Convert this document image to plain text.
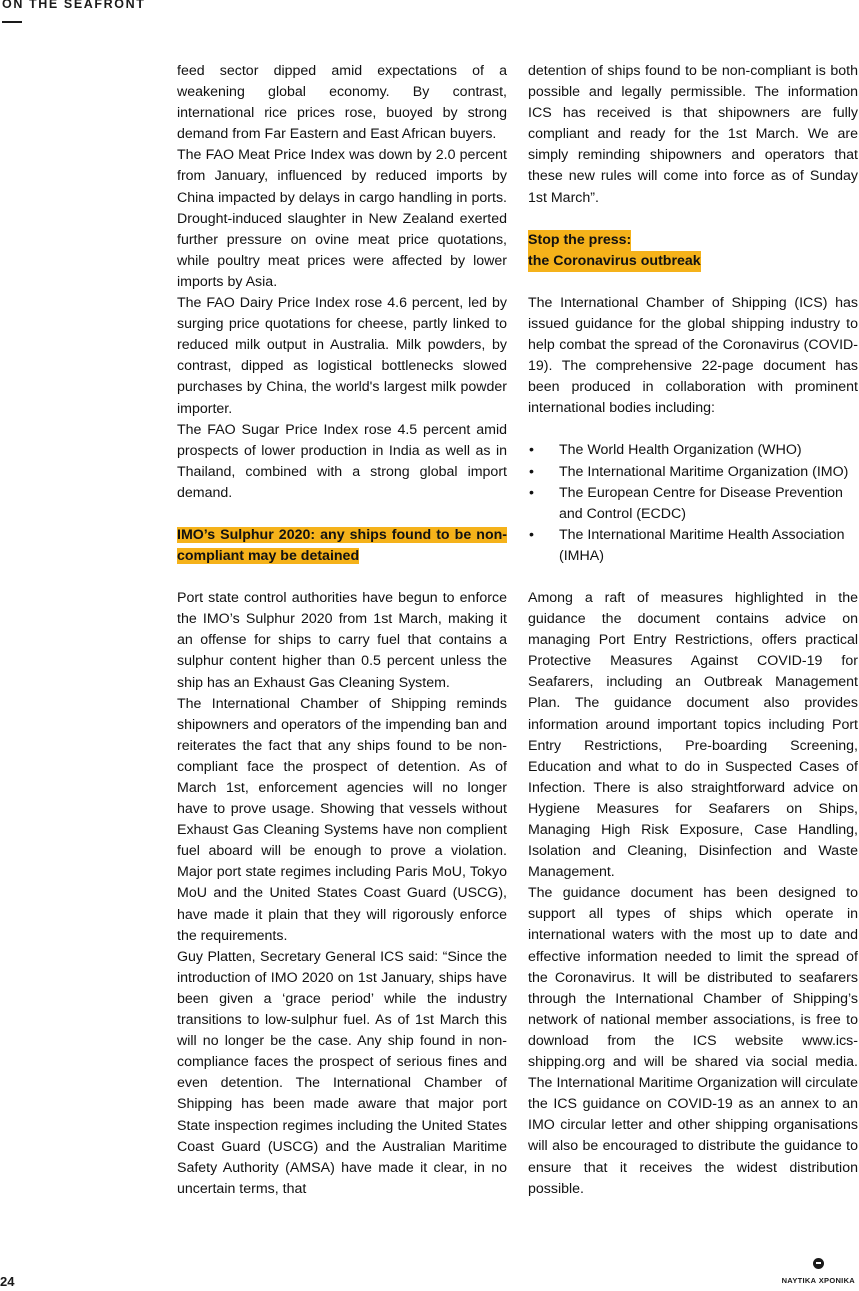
ON THE SEAFRONT

feed sector dipped amid expectations of a weakening global economy. By contrast, international rice prices rose, buoyed by strong demand from Far Eastern and East African buyers.

The FAO Meat Price Index was down by 2.0 percent from January, influenced by reduced imports by China impacted by delays in cargo handling in ports. Drought-induced slaughter in New Zealand exerted further pressure on ovine meat price quotations, while poultry meat prices were affected by lower imports by Asia.

The FAO Dairy Price Index rose 4.6 percent, led by surging price quotations for cheese, partly linked to reduced milk output in Australia. Milk powders, by contrast, dipped as logistical bottlenecks slowed purchases by China, the world's largest milk powder importer.

The FAO Sugar Price Index rose 4.5 percent amid prospects of lower production in India as well as in Thailand, combined with a strong global import demand.

IMO’s Sulphur 2020: any ships found to be non-compliant may be detained

Port state control authorities have begun to enforce the IMO’s Sulphur 2020 from 1st March, making it an offense for ships to carry fuel that contains a sulphur content higher than 0.5 percent unless the ship has an Exhaust Gas Cleaning System.

The International Chamber of Shipping reminds shipowners and operators of the impending ban and reiterates the fact that any ships found to be non-compliant face the prospect of detention. As of March 1st, enforcement agencies will no longer have to prove usage. Showing that vessels without Exhaust Gas Cleaning Systems have non complient fuel aboard will be enough to prove a violation. Major port state regimes including Paris MoU, Tokyo MoU and the United States Coast Guard (USCG), have made it plain that they will rigorously enforce the requirements.

Guy Platten, Secretary General ICS said: “Since the introduction of IMO 2020 on 1st January, ships have been given a ‘grace period’ while the industry transitions to low-sulphur fuel. As of 1st March this will no longer be the case. Any ship found in non-compliance faces the prospect of serious fines and even detention. The International Chamber of Shipping has been made aware that major port State inspection regimes including the United States Coast Guard (USCG) and the Australian Maritime Safety Authority (AMSA) have made it clear, in no uncertain terms, that

detention of ships found to be non-compliant is both possible and legally permissible. The information ICS has received is that shipowners are fully compliant and ready for the 1st March. We are simply reminding shipowners and operators that these new rules will come into force as of Sunday 1st March”.

Stop the press:
the Coronavirus outbreak

The International Chamber of Shipping (ICS) has issued guidance for the global shipping industry to help combat the spread of the Coronavirus (COVID-19). The comprehensive 22-page document has been produced in collaboration with prominent international bodies including:

• The World Health Organization (WHO)
• The International Maritime Organization (IMO)
• The European Centre for Disease Prevention and Control (ECDC)
• The International Maritime Health Association (IMHA)

Among a raft of measures highlighted in the guidance the document contains advice on managing Port Entry Restrictions, offers practical Protective Measures Against COVID-19 for Seafarers, including an Outbreak Management Plan. The guidance document also provides information around important topics including Port Entry Restrictions, Pre-boarding Screening, Education and what to do in Suspected Cases of Infection. There is also straightforward advice on Hygiene Measures for Seafarers on Ships, Managing High Risk Exposure, Case Handling, Isolation and Cleaning, Disinfection and Waste Management.

The guidance document has been designed to support all types of ships which operate in international waters with the most up to date and effective information needed to limit the spread of the Coronavirus. It will be distributed to seafarers through the International Chamber of Shipping’s network of national member associations, is free to download from the ICS website www.ics-shipping.org and will be shared via social media. The International Maritime Organization will circulate the ICS guidance on COVID-19 as an annex to an IMO circular letter and other shipping organisations will also be encouraged to distribute the guidance to ensure that it receives the widest distribution possible.

24	ΝΑΥΤΙΚΑ ΧΡΟΝΙΚΑ
